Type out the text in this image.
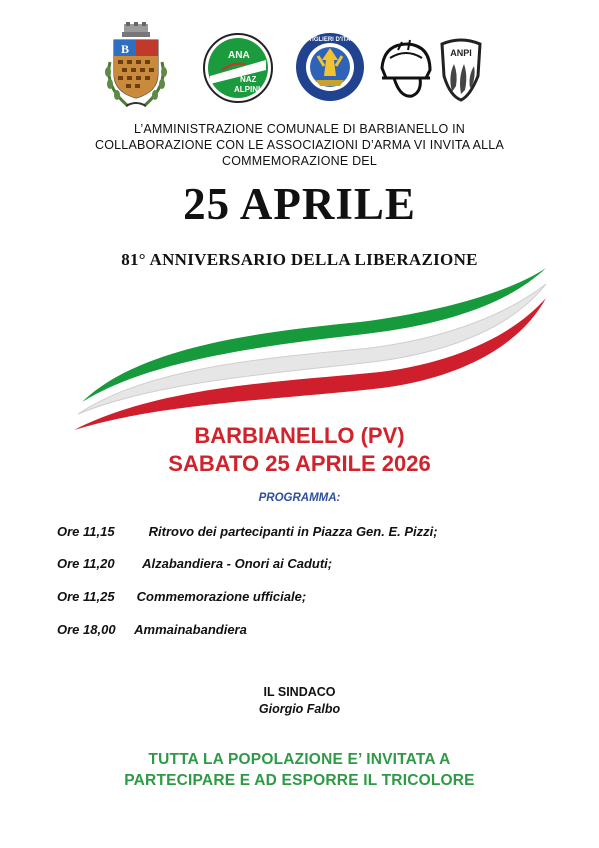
B	ANA
NAZ
ALPINI
ARTIGLIERI D'ITALIA
ANPI
L’AMMINISTRAZIONE COMUNALE DI BARBIANELLO IN
COLLABORAZIONE CON LE ASSOCIAZIONI D’ARMA VI INVITA ALLA
COMMEMORAZIONE DEL
25 APRILE
81° ANNIVERSARIO DELLA LIBERAZIONE
BARBIANELLO (PV)
SABATO 25 APRILE 2026
PROGRAMMA:
Ore 11,15	Ritrovo dei partecipanti in Piazza Gen. E. Pizzi;
Ore 11,20 Alzabandiera - Onori ai Caduti;
Ore 11,25 Commemorazione ufficiale;
Ore 18,00 Ammainabandiera
IL SINDACO
Giorgio Falbo
TUTTA LA POPOLAZIONE E’ INVITATA A
PARTECIPARE E AD ESPORRE IL TRICOLORE
